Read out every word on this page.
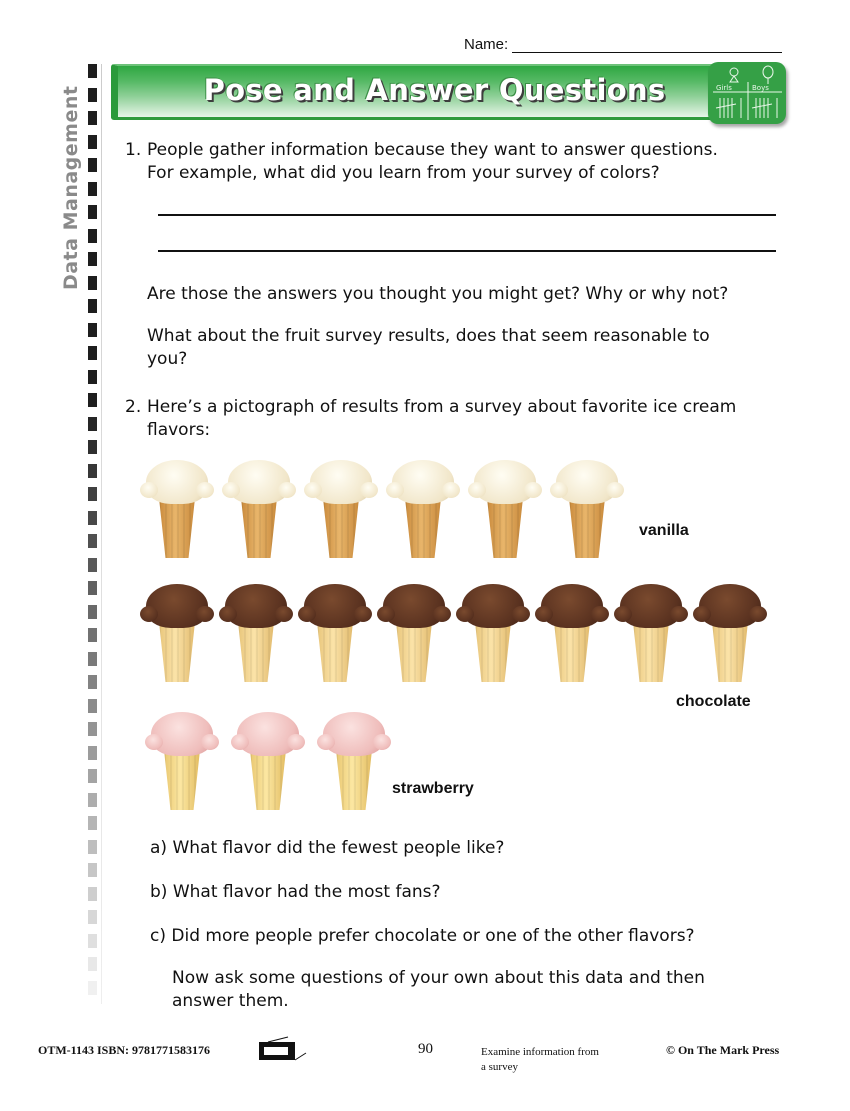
Name:
Data Management	Pose and Answer Questions	Girls	Boys
1. People gather information because they want to answer questions.
For example, what did you learn from your survey of colors?
Are those the answers you thought you might get? Why or why not?
What about the fruit survey results, does that seem reasonable to
you?
2. Here’s a pictograph of results from a survey about favorite ice cream
flavors:
vanilla
chocolate
strawberry
a) What flavor did the fewest people like?
b) What flavor had the most fans?
c) Did more people prefer chocolate or one of the other flavors?
Now ask some questions of your own about this data and then
answer them.
OTM-1143 ISBN: 9781771583176	90	Examine information from
a survey
© On The Mark Press
